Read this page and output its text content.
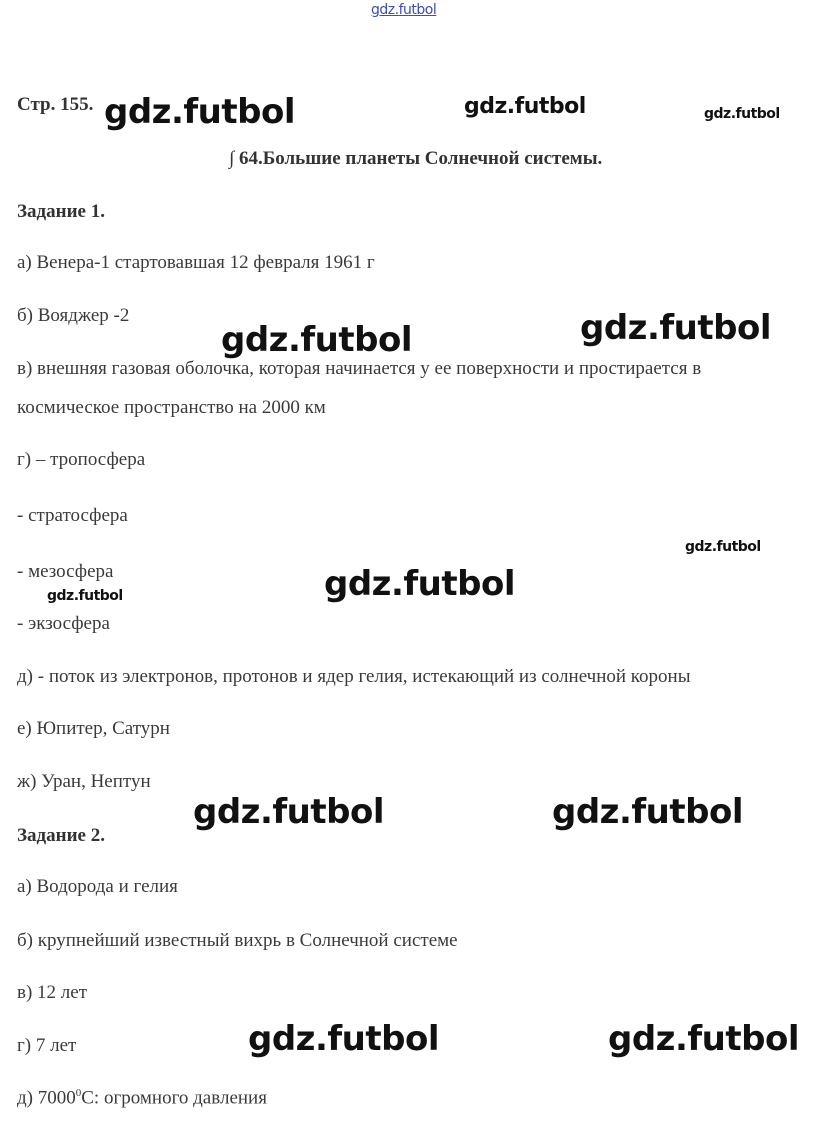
gdz.futbol
gdz.futbol	gdz.futbol	gdz.futbol
gdz.futbol	gdz.futbol
gdz.futbol
gdz.futbol
gdz.futbol
gdz.futbol	gdz.futbol
gdz.futbol	gdz.futbol
Стр. 155.
∫ 64.Большие планеты Солнечной системы.
Задание 1.
а) Венера-1 стартовавшая 12 февраля 1961 г
б) Вояджер -2
в) внешняя газовая оболочка, которая начинается у ее поверхности и простирается в
космическое пространство на 2000 км
г) – тропосфера
- стратосфера
- мезосфера
- экзосфера
д) - поток из электронов, протонов и ядер гелия, истекающий из солнечной короны
е) Юпитер, Сатурн
ж) Уран, Нептун
Задание 2.
а) Водорода и гелия
б) крупнейший известный вихрь в Солнечной системе
в) 12 лет
г) 7 лет
д) 7000$^0$С: огромного давления
